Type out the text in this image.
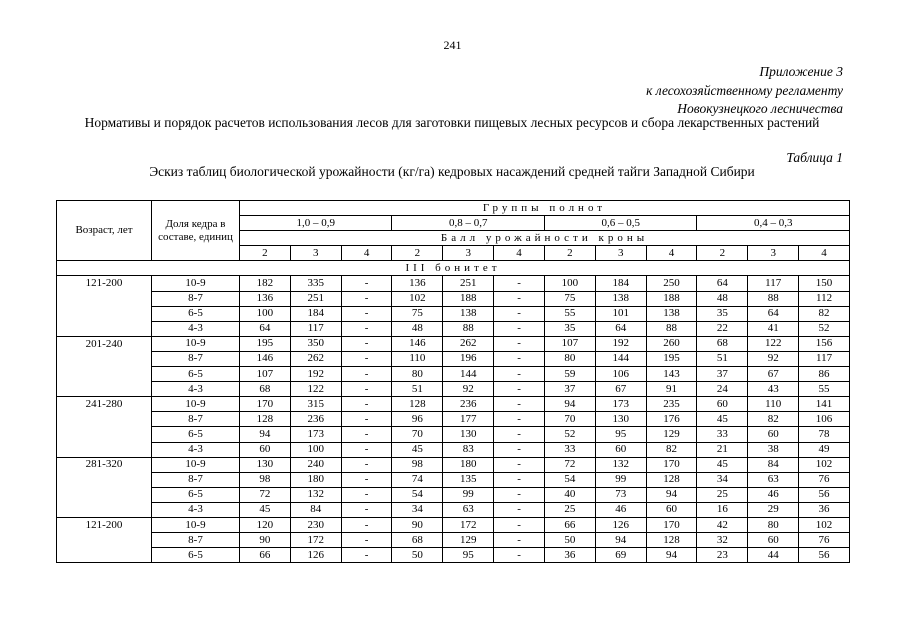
241
Приложение 3
к лесохозяйственному регламенту
Новокузнецкого лесничества
Нормативы и порядок расчетов использования лесов для заготовки пищевых лесных ресурсов и сбора лекарственных растений
Таблица 1
Эскиз таблиц биологической урожайности (кг/га) кедровых насаждений средней тайги Западной Сибири
Возраст, лет	Доля кедра в составе, единиц	Группы полнот											
		1,0 – 0,9			0,8 – 0,7			0,6 – 0,5			0,4 – 0,3		
		Балл урожайности кроны											
		2	3	4	2	3	4	2	3	4	2	3	4
III бонитет													
121-200	10-9	182	335	-	136	251	-	100	184	250	64	117	150
	8-7	136	251	-	102	188	-	75	138	188	48	88	112
	6-5	100	184	-	75	138	-	55	101	138	35	64	82
	4-3	64	117	-	48	88	-	35	64	88	22	41	52
201-240	10-9	195	350	-	146	262	-	107	192	260	68	122	156
	8-7	146	262	-	110	196	-	80	144	195	51	92	117
	6-5	107	192	-	80	144	-	59	106	143	37	67	86
	4-3	68	122	-	51	92	-	37	67	91	24	43	55
241-280	10-9	170	315	-	128	236	-	94	173	235	60	110	141
	8-7	128	236	-	96	177	-	70	130	176	45	82	106
	6-5	94	173	-	70	130	-	52	95	129	33	60	78
	4-3	60	100	-	45	83	-	33	60	82	21	38	49
281-320	10-9	130	240	-	98	180	-	72	132	170	45	84	102
	8-7	98	180	-	74	135	-	54	99	128	34	63	76
	6-5	72	132	-	54	99	-	40	73	94	25	46	56
	4-3	45	84	-	34	63	-	25	46	60	16	29	36
121-200	10-9	120	230	-	90	172	-	66	126	170	42	80	102
	8-7	90	172	-	68	129	-	50	94	128	32	60	76
	6-5	66	126	-	50	95	-	36	69	94	23	44	56
